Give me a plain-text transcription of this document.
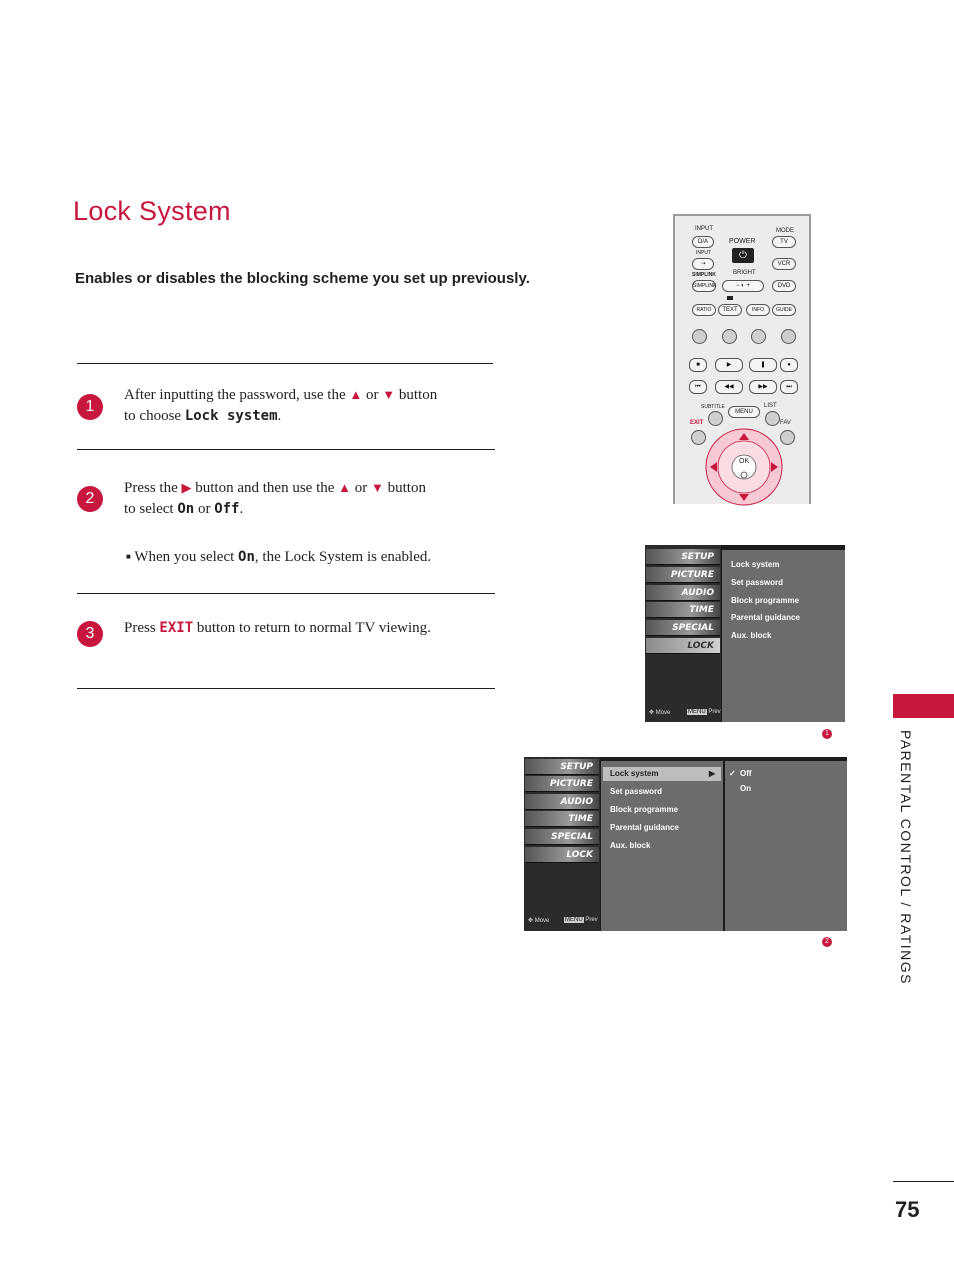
Lock System
Enables or disables the blocking scheme you set up previously.
1
After inputting the password, use the ▲ or ▼ button
to choose Lock system.
2
Press the ▶ button and then use the ▲ or ▼ button
to select On or Off.
■ When you select On, the Lock System is enabled.
3	Press EXIT button to return to normal TV viewing.
PARENTAL CONTROL / RATINGS
75
INPUT	MODE
D/A	POWER	TV
INPUT
⇢
⏻
VCR
BRIGHT
SIMPLINK
SIMPLINK	− ◐ +	DVD
RATIO	TEXT	INFO	GUIDE
■	▶	❚	●
⏮	◀◀	▶▶	⏭
SUBTITLE
MENU
LIST
EXIT	FAV
OK
SETUP
PICTURE
AUDIO
TIME
SPECIAL
LOCK
✥ Move	MENU Prev
Lock system
Set password
Block programme
Parental guidance
Aux. block
1
SETUP
PICTURE
AUDIO
TIME
SPECIAL
LOCK
✥ Move	MENU Prev
Lock system	▶
Set password
Block programme
Parental guidance
Aux. block
✓ Off
On
2
